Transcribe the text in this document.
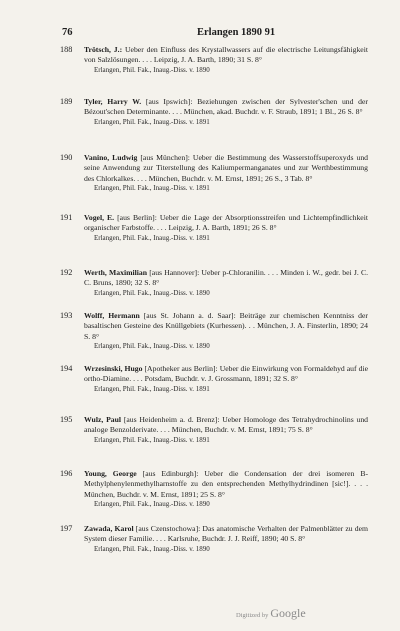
76	Erlangen 1890 91
188 Trötsch, J.: Ueber den Einfluss des Krystallwassers auf die electrische Leitungsfähigkeit von Salzlösungen. . . . Leipzig, J. A. Barth, 1890; 31 S. 8°
Erlangen, Phil. Fak., Inaug.-Diss. v. 1890
189 Tyler, Harry W. [aus Ipswich]: Beziehungen zwischen der Sylvester'schen und der Bézout'schen Determinante. . . . München, akad. Buchdr. v. F. Straub, 1891; 1 Bl., 26 S. 8°
Erlangen, Phil. Fak., Inaug.-Diss. v. 1891
190 Vanino, Ludwig [aus München]: Ueber die Bestimmung des Wasserstoffsuperoxyds und seine Anwendung zur Titerstellung des Kaliumpermanganates und zur Werthbestimmung des Chlorkalkes. . . . München, Buchdr. v. M. Ernst, 1891; 26 S., 3 Tab. 8°
Erlangen, Phil. Fak., Inaug.-Diss. v. 1891
191 Vogel, E. [aus Berlin]: Ueber die Lage der Absorptionsstreifen und Lichtempfindlichkeit organischer Farbstoffe. . . . Leipzig, J. A. Barth, 1891; 26 S. 8°
Erlangen, Phil. Fak., Inaug.-Diss. v. 1891
192 Werth, Maximilian [aus Hannover]: Ueber p-Chloranilin. . . . Minden i. W., gedr. bei J. C. C. Bruns, 1890; 32 S. 8°
Erlangen, Phil. Fak., Inaug.-Diss. v. 1890
193 Wolff, Hermann [aus St. Johann a. d. Saar]: Beiträge zur chemischen Kenntniss der basaltischen Gesteine des Knüllgebiets (Kurhessen). . . München, J. A. Finsterlin, 1890; 24 S. 8°
Erlangen, Phil. Fak., Inaug.-Diss. v. 1890
194 Wrzesinski, Hugo [Apotheker aus Berlin]: Ueber die Einwirkung von Formaldehyd auf die ortho-Diamine. . . . Potsdam, Buchdr. v. J. Grossmann, 1891; 32 S. 8°
Erlangen, Phil. Fak., Inaug.-Diss. v. 1891
195 Wulz, Paul [aus Heidenheim a. d. Brenz]: Ueber Homologe des Tetrahydrochinolins und analoge Benzolderivate. . . . München, Buchdr. v. M. Ernst, 1891; 75 S. 8°
Erlangen, Phil. Fak., Inaug.-Diss. v. 1891
196 Young, George [aus Edinburgh]: Ueber die Condensation der drei isomeren B-Methylphenylenmethylharnstoffe zu den entsprechenden Methylhydrindinen [sic!]. . . . München, Buchdr. v. M. Ernst, 1891; 25 S. 8°
Erlangen, Phil. Fak., Inaug.-Diss. v. 1890
197 Zawada, Karol [aus Czenstochowa]: Das anatomische Verhalten der Palmenblätter zu dem System dieser Familie. . . . Karlsruhe, Buchdr. J. J. Reiff, 1890; 40 S. 8°
Erlangen, Phil. Fak., Inaug.-Diss. v. 1890
Digitized by Google
